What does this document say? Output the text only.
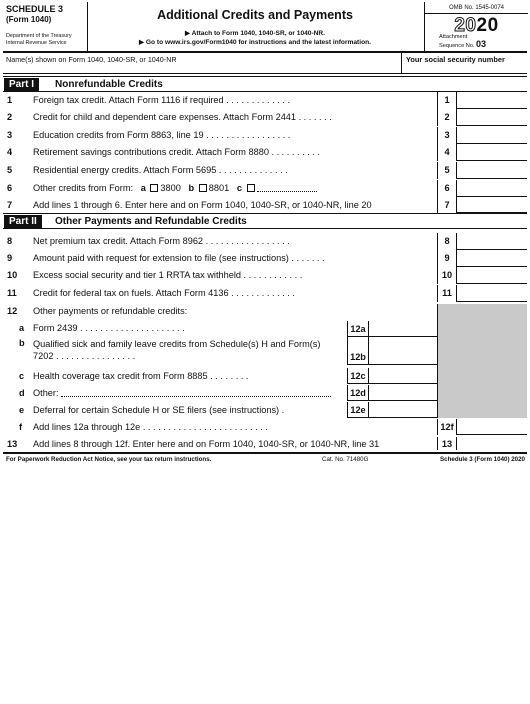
SCHEDULE 3
(Form 1040)
Department of the Treasury
Internal Revenue Service
Additional Credits and Payments
▶ Attach to Form 1040, 1040-SR, or 1040-NR.
▶ Go to www.irs.gov/Form1040 for instructions and the latest information.
OMB No. 1545-0074
2020
Attachment
Sequence No. 03
Name(s) shown on Form 1040, 1040-SR, or 1040-NR	Your social security number
Part I	Nonrefundable Credits
1	Foreign tax credit. Attach Form 1116 if required . . . . . . . . . . . . .	1
2	Credit for child and dependent care expenses. Attach Form 2441 . . . . . . .	2
3	Education credits from Form 8863, line 19 . . . . . . . . . . . . . . . . .	3
4	Retirement savings contributions credit. Attach Form 8880 . . . . . . . . . .	4
5	Residential energy credits. Attach Form 5695 . . . . . . . . . . . . . .	5
6	Other credits from Form: a 3800 b 8801 c	6
7	Add lines 1 through 6. Enter here and on Form 1040, 1040-SR, or 1040-NR, line 20	7
Part II	Other Payments and Refundable Credits
8	Net premium tax credit. Attach Form 8962 . . . . . . . . . . . . . . . . .	8
9	Amount paid with request for extension to file (see instructions) . . . . . . .	9
10	Excess social security and tier 1 RRTA tax withheld . . . . . . . . . . . .	10
11	Credit for federal tax on fuels. Attach Form 4136 . . . . . . . . . . . . .	11
12	Other payments or refundable credits:
a Form 2439 . . . . . . . . . . . . . . . . . . . . .	12a
b Qualified sick and family leave credits from Schedule(s) H and Form(s) 7202 . . . . . . . . . . . . . . . .	12b
c Health coverage tax credit from Form 8885 . . . . . . . .	12c
d Other:	12d
e Deferral for certain Schedule H or SE filers (see instructions) .	12e
f	Add lines 12a through 12e . . . . . . . . . . . . . . . . . . . . . . . . .	12f
13	Add lines 8 through 12f. Enter here and on Form 1040, 1040-SR, or 1040-NR, line 31	13
For Paperwork Reduction Act Notice, see your tax return instructions.	Cat. No. 71480G	Schedule 3 (Form 1040) 2020
